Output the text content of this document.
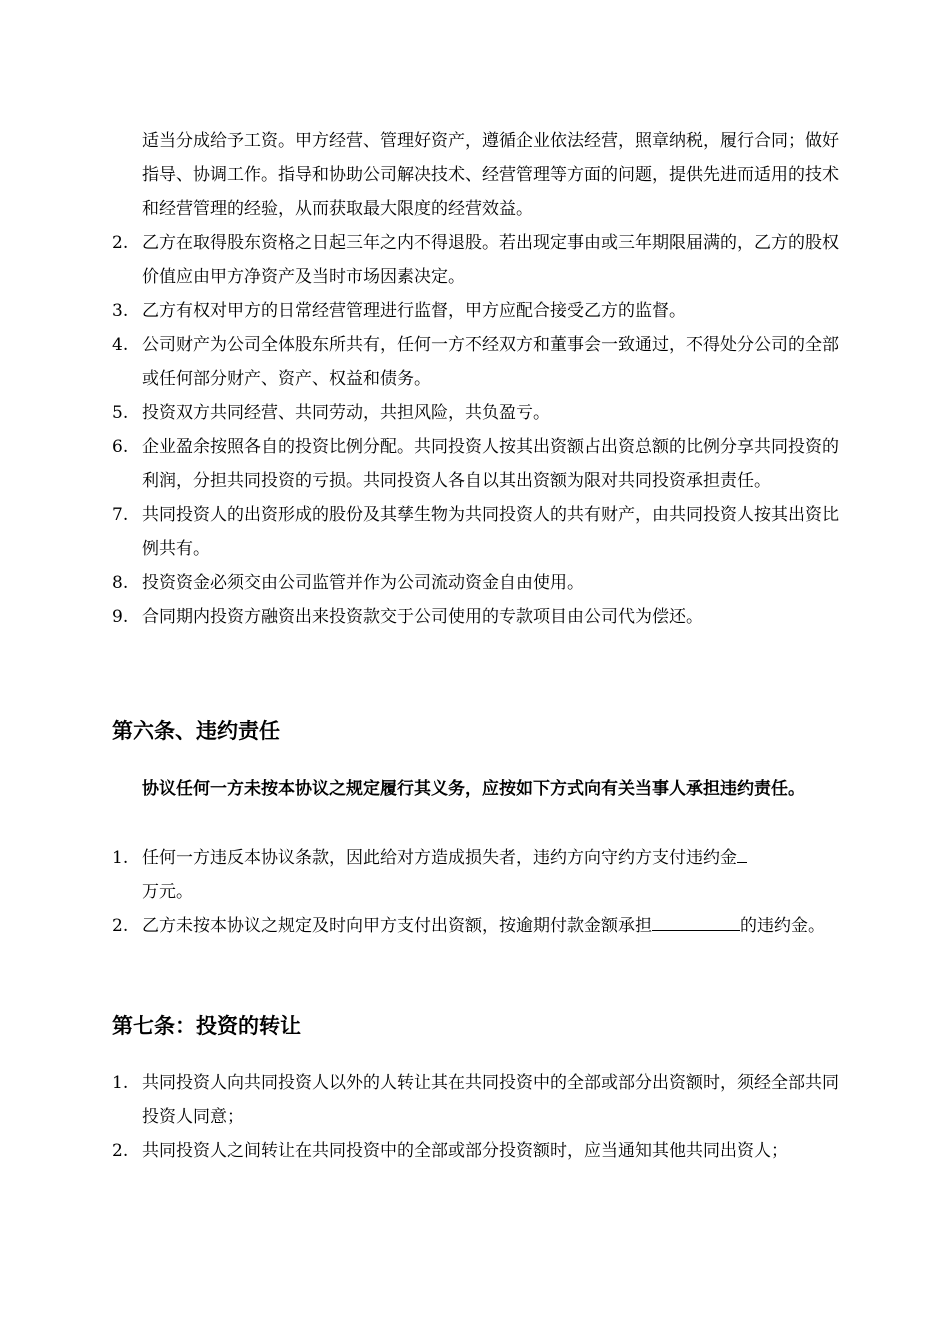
适当分成给予工资。甲方经营、管理好资产，遵循企业依法经营，照章纳税，履行合同；做好指导、协调工作。指导和协助公司解决技术、经营管理等方面的问题，提供先进而适用的技术和经营管理的经验，从而获取最大限度的经营效益。
2. 乙方在取得股东资格之日起三年之内不得退股。若出现定事由或三年期限届满的，乙方的股权价值应由甲方净资产及当时市场因素决定。
3. 乙方有权对甲方的日常经营管理进行监督，甲方应配合接受乙方的监督。
4. 公司财产为公司全体股东所共有，任何一方不经双方和董事会一致通过，不得处分公司的全部或任何部分财产、资产、权益和债务。
5. 投资双方共同经营、共同劳动，共担风险，共负盈亏。
6. 企业盈余按照各自的投资比例分配。共同投资人按其出资额占出资总额的比例分享共同投资的利润，分担共同投资的亏损。共同投资人各自以其出资额为限对共同投资承担责任。
7. 共同投资人的出资形成的股份及其孳生物为共同投资人的共有财产，由共同投资人按其出资比例共有。
8. 投资资金必须交由公司监管并作为公司流动资金自由使用。
9. 合同期内投资方融资出来投资款交于公司使用的专款项目由公司代为偿还。
第六条、违约责任
协议任何一方未按本协议之规定履行其义务，应按如下方式向有关当事人承担违约责任。
1. 任何一方违反本协议条款，因此给对方造成损失者，违约方向守约方支付违约金
万元。
2. 乙方未按本协议之规定及时向甲方支付出资额，按逾期付款金额承担	的违约金。
第七条：投资的转让
1. 共同投资人向共同投资人以外的人转让其在共同投资中的全部或部分出资额时，须经全部共同投资人同意；
2. 共同投资人之间转让在共同投资中的全部或部分投资额时，应当通知其他共同出资人；
